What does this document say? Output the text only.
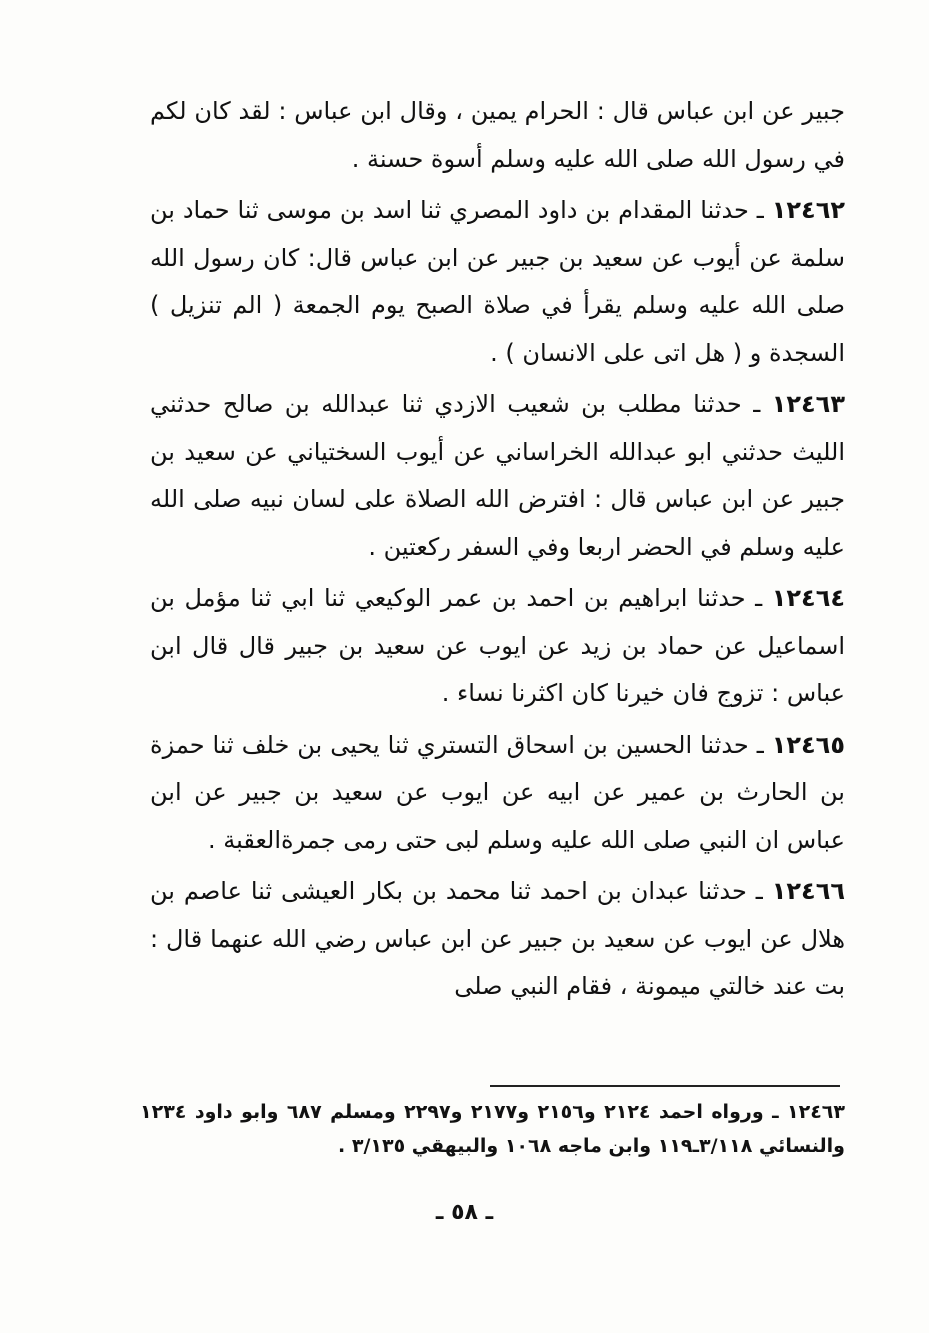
جبير عن ابن عباس قال : الحرام يمين ، وقال ابن عباس : لقد كان لكم في رسول الله صلى الله عليه وسلم أسوة حسنة .

١٢٤٦٢ ـ حدثنا المقدام بن داود المصري ثنا اسد بن موسى ثنا حماد بن سلمة عن أيوب عن سعيد بن جبير عن ابن عباس قال: كان رسول الله صلى الله عليه وسلم يقرأ في صلاة الصبح يوم الجمعة ( الم تنزيل ) السجدة و ( هل اتى على الانسان ) .

١٢٤٦٣ ـ حدثنا مطلب بن شعيب الازدي ثنا عبدالله بن صالح حدثني الليث حدثني ابو عبدالله الخراساني عن أيوب السختياني عن سعيد بن جبير عن ابن عباس قال : افترض الله الصلاة على لسان نبيه صلى الله عليه وسلم في الحضر اربعا وفي السفر ركعتين .

١٢٤٦٤ ـ حدثنا ابراهيم بن احمد بن عمر الوكيعي ثنا ابي ثنا مؤمل بن اسماعيل عن حماد بن زيد عن ايوب عن سعيد بن جبير قال قال ابن عباس : تزوج فان خيرنا كان اكثرنا نساء .

١٢٤٦٥ ـ حدثنا الحسين بن اسحاق التستري ثنا يحيى بن خلف ثنا حمزة بن الحارث بن عمير عن ابيه عن ايوب عن سعيد بن جبير عن ابن عباس ان النبي صلى الله عليه وسلم لبى حتى رمى جمرةالعقبة .

١٢٤٦٦ ـ حدثنا عبدان بن احمد ثنا محمد بن بكار العيشى ثنا عاصم بن هلال عن ايوب عن سعيد بن جبير عن ابن عباس رضي الله عنهما قال : بت عند خالتي ميمونة ، فقام النبي صلى

١٢٤٦٣ ـ ورواه احمد ٢١٢٤ و٢١٥٦ و٢١٧٧ و٢٢٩٧ ومسلم ٦٨٧ وابو داود ١٢٣٤ والنسائي ٣/١١٨ـ١١٩ وابن ماجه ١٠٦٨ والبيهقي ٣/١٣٥ .
ـ ٥٨ ـ
